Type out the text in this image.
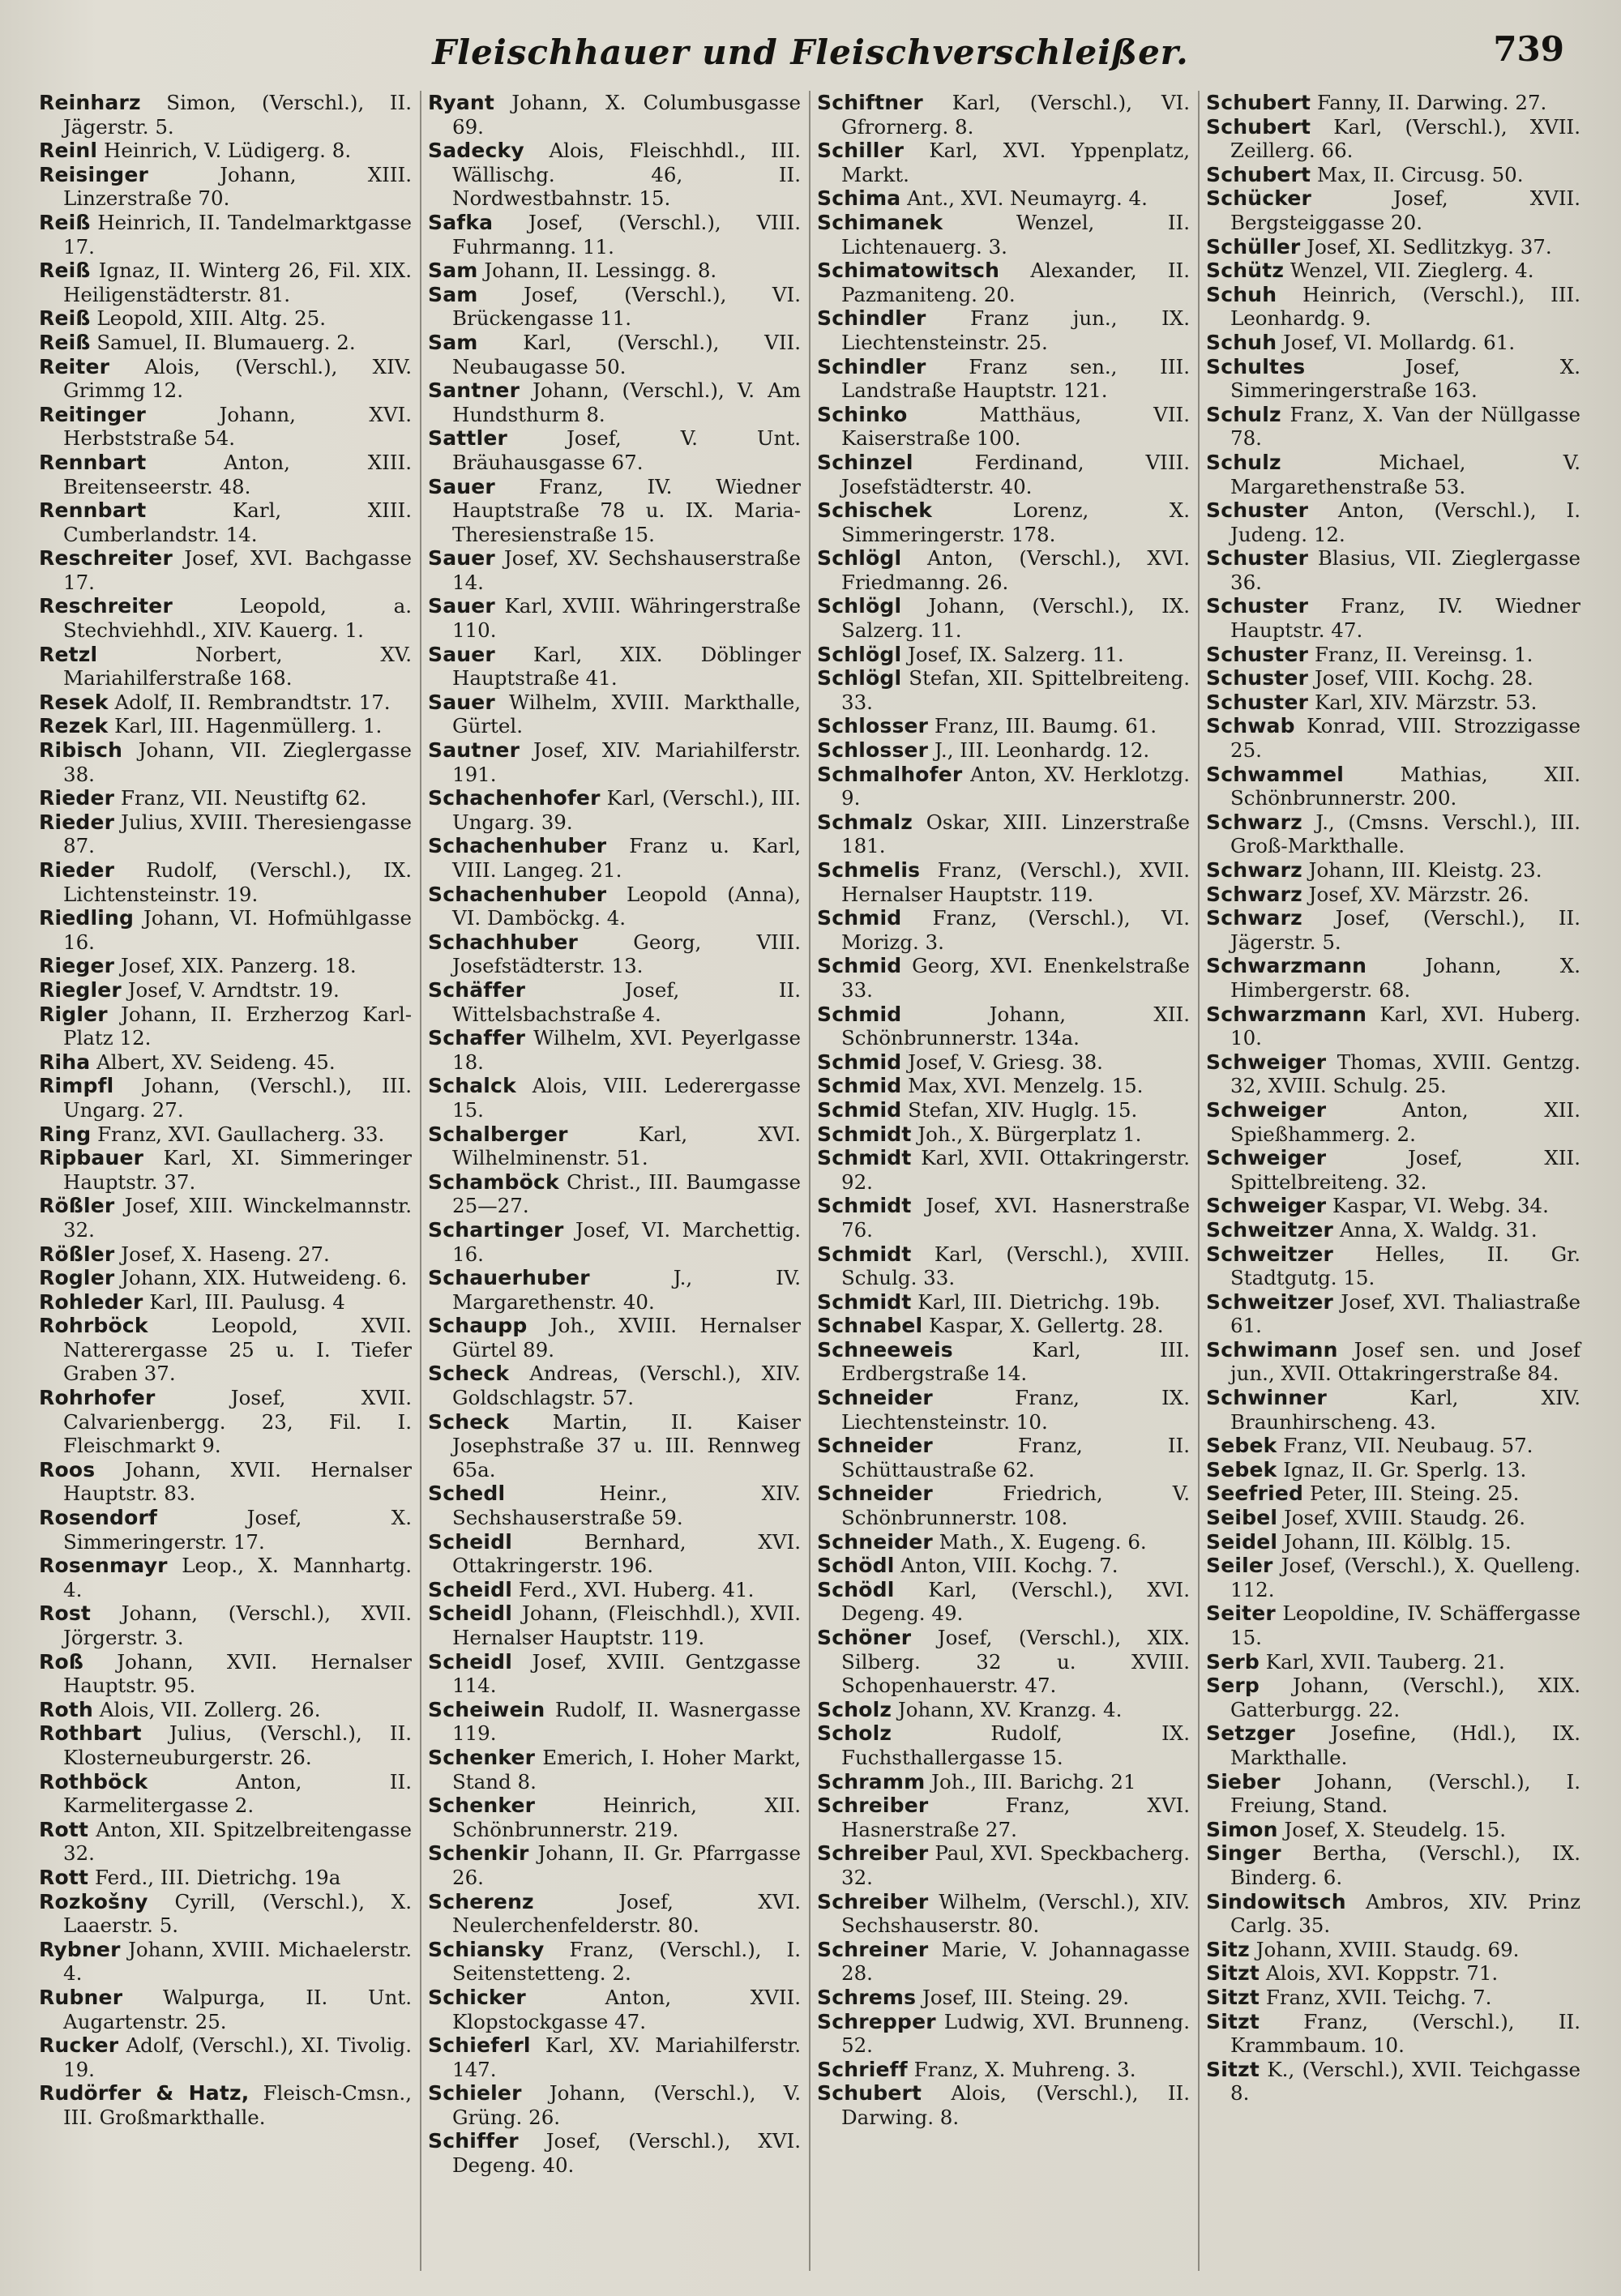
Fleischhauer und Fleischverschleißer.	739

Reinharz Simon, (Verschl.), II. Jägerstr. 5.

Reinl Heinrich, V. Lüdigerg. 8.

Reisinger	Johann, XIII. Linzerstraße 70.

Reiß Heinrich, II. Tandelmarktgasse 17.

Reiß Ignaz, II. Winterg 26, Fil. XIX. Heiligenstädterstr. 81.

Reiß Leopold, XIII. Altg. 25.

Reiß Samuel, II. Blumauerg. 2.

Reiter Alois, (Verschl.), XIV. Grimmg 12.

Reitinger	Johann, XVI. Herbststraße 54.

Rennbart	Anton, XIII. Breitenseerstr. 48.

Rennbart	Karl, XIII. Cumberlandstr. 14.

Reschreiter Josef, XVI. Bachgasse 17.

Reschreiter	Leopold, a. Stechviehhdl., XIV. Kauerg. 1.

Retzl	Norbert, XV. Mariahilferstraße 168.

Resek Adolf, II. Rembrandtstr. 17.

Rezek Karl, III. Hagenmüllerg. 1.

Ribisch Johann, VII. Zieglergasse 38.

Rieder Franz, VII. Neustiftg 62.

Rieder Julius, XVIII. Theresiengasse 87.

Rieder Rudolf, (Verschl.), IX. Lichtensteinstr. 19.

Riedling Johann, VI. Hofmühlgasse 16.

Rieger Josef, XIX. Panzerg. 18.

Riegler Josef, V. Arndtstr. 19.

Rigler Johann, II. Erzherzog Karl-Platz 12.

Riha Albert, XV. Seideng. 45.

Rimpfl Johann, (Verschl.), III. Ungarg. 27.

Ring Franz, XVI. Gaullacherg. 33.

Ripbauer Karl, XI. Simmeringer Hauptstr. 37.

Rößler Josef, XIII. Winckelmannstr. 32.

Rößler Josef, X. Haseng. 27.

Rogler Johann, XIX. Hutweideng. 6.

Rohleder Karl, III. Paulusg. 4

Rohrböck	Leopold, XVII. Natterergasse 25 u. I. Tiefer Graben 37.

Rohrhofer	Josef, XVII. Calvarienbergg. 23, Fil. I. Fleischmarkt 9.

Roos Johann, XVII. Hernalser Hauptstr. 83.

Rosendorf	Josef, X. Simmeringerstr. 17.

Rosenmayr Leop., X. Mannhartg. 4.

Rost Johann, (Verschl.), XVII. Jörgerstr. 3.

Roß Johann, XVII. Hernalser Hauptstr. 95.

Roth Alois, VII. Zollerg. 26.

Rothbart Julius, (Verschl.), II. Klosterneuburgerstr. 26.

Rothböck	Anton, II. Karmelitergasse 2.

Rott Anton, XII. Spitzelbreitengasse 32.

Rott Ferd., III. Dietrichg. 19a

Rozkošny Cyrill, (Verschl.), X. Laaerstr. 5.

Rybner Johann, XVIII. Michaelerstr. 4.

Rubner Walpurga, II. Unt. Augartenstr. 25.

Rucker Adolf, (Verschl.), XI. Tivolig. 19.

Rudörfer & Hatz, Fleisch-Cmsn., III. Großmarkthalle.

Ryant Johann, X. Columbusgasse 69.

Sadecky Alois, Fleischhdl., III. Wällischg. 46, II. Nordwestbahnstr. 15.

Safka Josef, (Verschl.), VIII. Fuhrmanng. 11.

Sam Johann, II. Lessingg. 8.

Sam Josef, (Verschl.), VI. Brückengasse 11.

Sam Karl, (Verschl.), VII. Neubaugasse 50.

Santner Johann, (Verschl.), V. Am Hundsthurm 8.

Sattler	Josef, V. Unt. Bräuhausgasse 67.

Sauer Franz, IV. Wiedner Hauptstraße 78 u. IX. Maria-Theresienstraße 15.

Sauer Josef, XV. Sechshauserstraße 14.

Sauer Karl, XVIII. Währingerstraße 110.

Sauer Karl, XIX. Döblinger Hauptstraße 41.

Sauer Wilhelm, XVIII. Markthalle, Gürtel.

Sautner Josef, XIV. Mariahilferstr. 191.

Schachenhofer Karl, (Verschl.), III. Ungarg. 39.

Schachenhuber Franz u. Karl, VIII. Langeg. 21.

Schachenhuber Leopold (Anna), VI. Damböckg. 4.

Schachhuber	Georg, VIII. Josefstädterstr. 13.

Schäffer	Josef, II. Wittelsbachstraße 4.

Schaffer Wilhelm, XVI. Peyerlgasse 18.

Schalck Alois, VIII. Lederergasse 15.

Schalberger	Karl, XVI. Wilhelminenstr. 51.

Schamböck Christ., III. Baumgasse 25—27.

Schartinger Josef, VI. Marchettig. 16.

Schauerhuber	J., IV. Margarethenstr. 40.

Schaupp Joh., XVIII. Hernalser Gürtel 89.

Scheck Andreas, (Verschl.), XIV. Goldschlagstr. 57.

Scheck Martin, II. Kaiser Josephstraße 37 u. III. Rennweg 65a.

Schedl	Heinr., XIV. Sechshauserstraße 59.

Scheidl	Bernhard, XVI. Ottakringerstr. 196.

Scheidl Ferd., XVI. Huberg. 41.

Scheidl Johann, (Fleischhdl.), XVII. Hernalser Hauptstr. 119.

Scheidl Josef, XVIII. Gentzgasse 114.

Scheiwein Rudolf, II. Wasnergasse 119.

Schenker Emerich, I. Hoher Markt, Stand 8.

Schenker	Heinrich, XII. Schönbrunnerstr. 219.

Schenkir Johann, II. Gr. Pfarrgasse 26.

Scherenz	Josef, XVI. Neulerchenfelderstr. 80.

Schiansky Franz, (Verschl.), I. Seitenstetteng. 2.

Schicker	Anton, XVII. Klopstockgasse 47.

Schieferl Karl, XV. Mariahilferstr. 147.

Schieler Johann, (Verschl.), V. Grüng. 26.

Schiffer Josef, (Verschl.), XVI. Degeng. 40.

Schiftner Karl, (Verschl.), VI. Gfrornerg. 8.

Schiller Karl, XVI. Yppenplatz, Markt.

Schima Ant., XVI. Neumayrg. 4.

Schimanek	Wenzel, II. Lichtenauerg. 3.

Schimatowitsch Alexander, II. Pazmaniteng. 20.

Schindler Franz jun., IX. Liechtensteinstr. 25.

Schindler Franz sen., III. Landstraße Hauptstr. 121.

Schinko	Matthäus, VII. Kaiserstraße 100.

Schinzel	Ferdinand, VIII. Josefstädterstr. 40.

Schischek	Lorenz, X. Simmeringerstr. 178.

Schlögl Anton, (Verschl.), XVI. Friedmanng. 26.

Schlögl Johann, (Verschl.), IX. Salzerg. 11.

Schlögl Josef, IX. Salzerg. 11.

Schlögl Stefan, XII. Spittelbreiteng. 33.

Schlosser Franz, III. Baumg. 61.

Schlosser J., III. Leonhardg. 12.

Schmalhofer Anton, XV. Herklotzg. 9.

Schmalz Oskar, XIII. Linzerstraße 181.

Schmelis Franz, (Verschl.), XVII. Hernalser Hauptstr. 119.

Schmid Franz, (Verschl.), VI. Morizg. 3.

Schmid Georg, XVI. Enenkelstraße 33.

Schmid	Johann, XII. Schönbrunnerstr. 134a.

Schmid Josef, V. Griesg. 38.

Schmid Max, XVI. Menzelg. 15.

Schmid Stefan, XIV. Huglg. 15.

Schmidt Joh., X. Bürgerplatz 1.

Schmidt Karl, XVII. Ottakringerstr. 92.

Schmidt Josef, XVI. Hasnerstraße 76.

Schmidt Karl, (Verschl.), XVIII. Schulg. 33.

Schmidt Karl, III. Dietrichg. 19b.

Schnabel Kaspar, X. Gellertg. 28.

Schneeweis	Karl, III. Erdbergstraße 14.

Schneider	Franz, IX. Liechtensteinstr. 10.

Schneider	Franz, II. Schüttaustraße 62.

Schneider	Friedrich, V. Schönbrunnerstr. 108.

Schneider Math., X. Eugeng. 6.

Schödl Anton, VIII. Kochg. 7.

Schödl Karl, (Verschl.), XVI. Degeng. 49.

Schöner Josef, (Verschl.), XIX. Silberg. 32 u. XVIII. Schopenhauerstr. 47.

Scholz Johann, XV. Kranzg. 4.

Scholz	Rudolf, IX. Fuchsthallergasse 15.

Schramm Joh., III. Barichg. 21

Schreiber	Franz, XVI. Hasnerstraße 27.

Schreiber Paul, XVI. Speckbacherg. 32.

Schreiber Wilhelm, (Verschl.), XIV. Sechshauserstr. 80.

Schreiner Marie, V. Johannagasse 28.

Schrems Josef, III. Steing. 29.

Schrepper Ludwig, XVI. Brunneng. 52.

Schrieff Franz, X. Muhreng. 3.

Schubert Alois, (Verschl.), II. Darwing. 8.

Schubert Fanny, II. Darwing. 27.

Schubert Karl, (Verschl.), XVII. Zeillerg. 66.

Schubert Max, II. Circusg. 50.

Schücker	Josef, XVII. Bergsteiggasse 20.

Schüller Josef, XI. Sedlitzkyg. 37.

Schütz Wenzel, VII. Zieglerg. 4.

Schuh Heinrich, (Verschl.), III. Leonhardg. 9.

Schuh Josef, VI. Mollardg. 61.

Schultes	Josef, X. Simmeringerstraße 163.

Schulz Franz, X. Van der Nüllgasse 78.

Schulz	Michael, V. Margarethenstraße 53.

Schuster Anton, (Verschl.), I. Judeng. 12.

Schuster Blasius, VII. Zieglergasse 36.

Schuster Franz, IV. Wiedner Hauptstr. 47.

Schuster Franz, II. Vereinsg. 1.

Schuster Josef, VIII. Kochg. 28.

Schuster Karl, XIV. Märzstr. 53.

Schwab Konrad, VIII. Strozzigasse 25.

Schwammel	Mathias, XII. Schönbrunnerstr. 200.

Schwarz J., (Cmsns. Verschl.), III. Groß-Markthalle.

Schwarz Johann, III. Kleistg. 23.

Schwarz Josef, XV. Märzstr. 26.

Schwarz Josef, (Verschl.), II. Jägerstr. 5.

Schwarzmann	Johann, X. Himbergerstr. 68.

Schwarzmann Karl, XVI. Huberg. 10.

Schweiger Thomas, XVIII. Gentzg. 32, XVIII. Schulg. 25.

Schweiger	Anton, XII. Spießhammerg. 2.

Schweiger	Josef, XII. Spittelbreiteng. 32.

Schweiger Kaspar, VI. Webg. 34.

Schweitzer Anna, X. Waldg. 31.

Schweitzer Helles, II. Gr. Stadtgutg. 15.

Schweitzer Josef, XVI. Thaliastraße 61.

Schwimann Josef sen. und Josef jun., XVII. Ottakringerstraße 84.

Schwinner	Karl, XIV. Braunhirscheng. 43.

Sebek Franz, VII. Neubaug. 57.

Sebek Ignaz, II. Gr. Sperlg. 13.

Seefried Peter, III. Steing. 25.

Seibel Josef, XVIII. Staudg. 26.

Seidel Johann, III. Kölblg. 15.

Seiler Josef, (Verschl.), X. Quelleng. 112.

Seiter Leopoldine, IV. Schäffergasse 15.

Serb Karl, XVII. Tauberg. 21.

Serp Johann, (Verschl.), XIX. Gatterburgg. 22.

Setzger Josefine, (Hdl.), IX. Markthalle.

Sieber Johann, (Verschl.), I. Freiung, Stand.

Simon Josef, X. Steudelg. 15.

Singer Bertha, (Verschl.), IX. Binderg. 6.

Sindowitsch Ambros, XIV. Prinz Carlg. 35.

Sitz Johann, XVIII. Staudg. 69.

Sitzt Alois, XVI. Koppstr. 71.

Sitzt Franz, XVII. Teichg. 7.

Sitzt Franz, (Verschl.), II. Krammbaum. 10.

Sitzt K., (Verschl.), XVII. Teichgasse 8.
